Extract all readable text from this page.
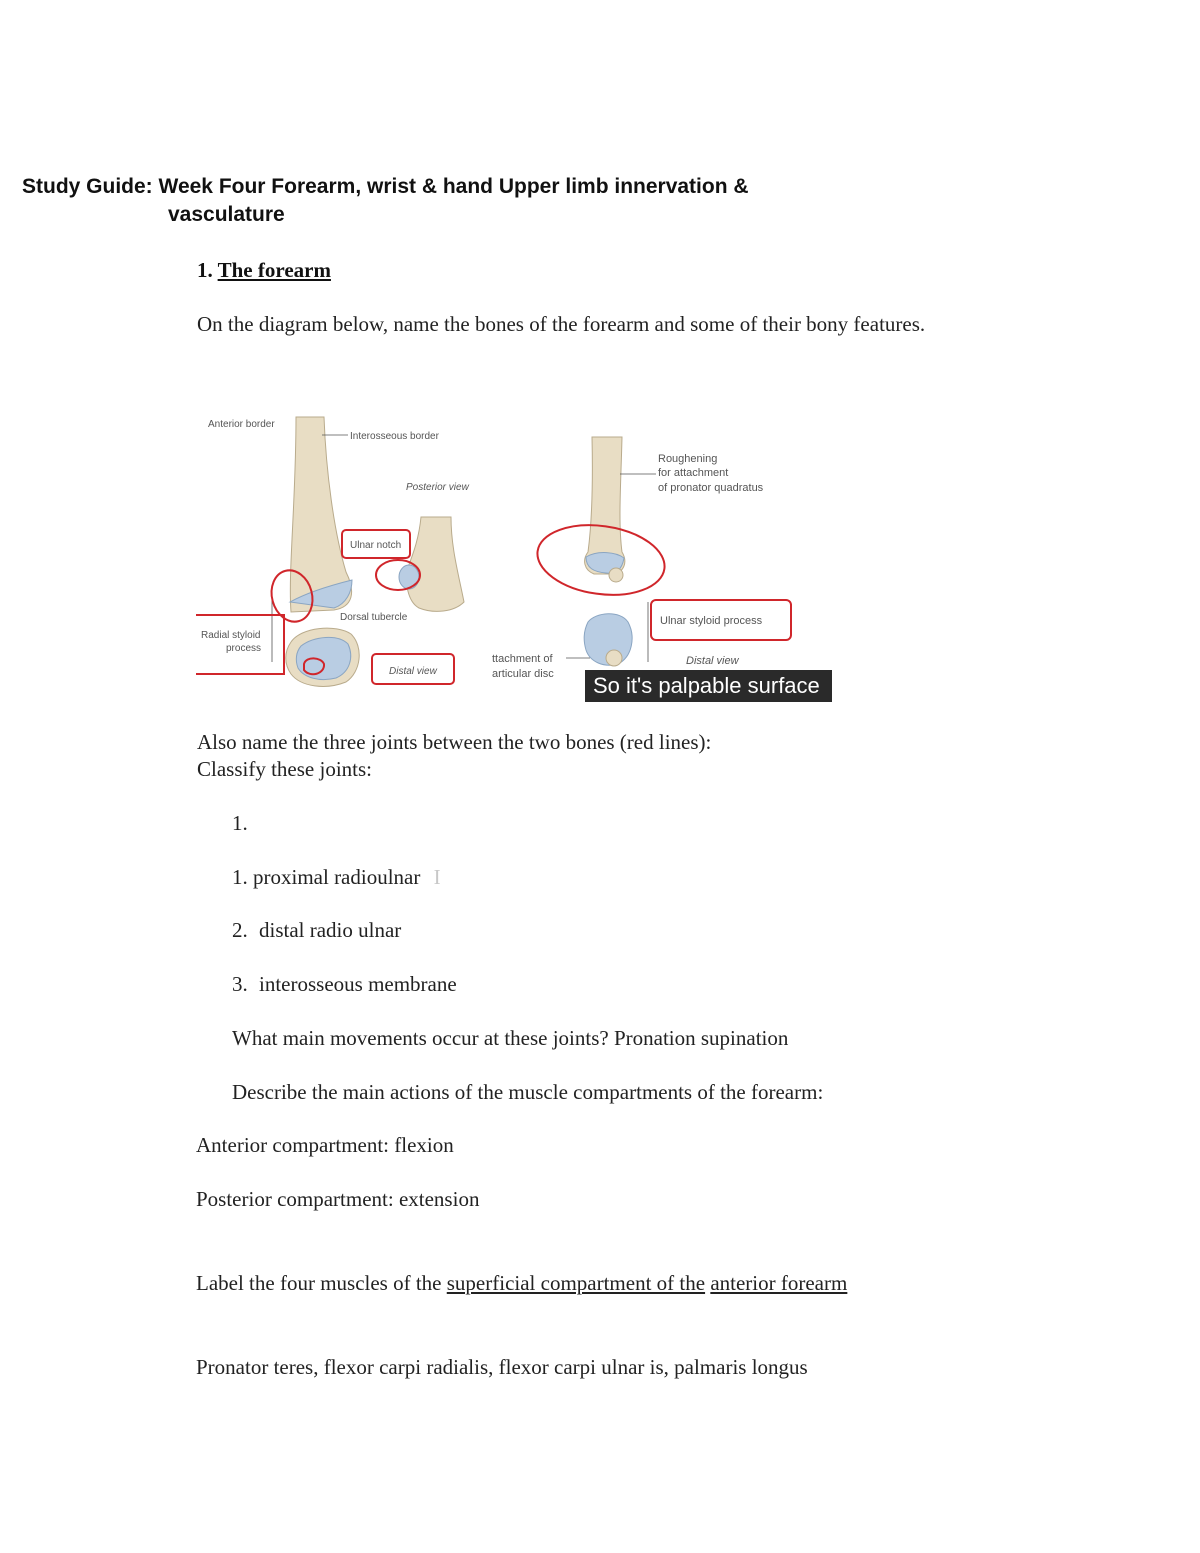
Study Guide: Week Four Forearm, wrist & hand Upper limb innervation &
vasculature
1. The forearm
On the diagram below, name the bones of the forearm and some of their bony features.
Anterior border
Interosseous border
Posterior view
Ulnar notch
Dorsal tubercle
Radial styloid
process
Distal view
Roughening
for attachment
of pronator quadratus
Ulnar styloid process
ttachment of
articular disc
Distal view
So it's palpable surface
Also name the three joints between the two bones (red lines):
Classify these joints:
1.
1. proximal radioulnar I
2. distal radio ulnar
3. interosseous membrane
What main movements occur at these joints? Pronation supination
Describe the main actions of the muscle compartments of the forearm:
Anterior compartment: flexion
Posterior compartment: extension
Label the four muscles of the superficial compartment of the anterior forearm
Pronator teres, flexor carpi radialis, flexor carpi ulnar is, palmaris longus
